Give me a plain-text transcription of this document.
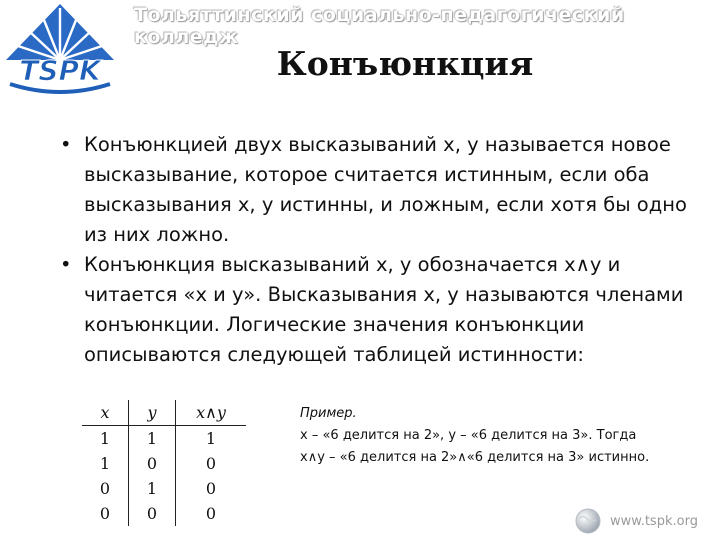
TSPK
Тольяттинский социально-педагогический колледж
Конъюнкция
• Конъюнкцией двух высказываний x, y называется новое высказывание, которое считается истинным, если оба высказывания x, y истинны, и ложным, если хотя бы одно из них ложно.
• Конъюнкция высказываний x, y обозначается x∧y и читается «x и y». Высказывания x, y называются членами конъюнкции. Логические значения конъюнкции описываются следующей таблицей истинности:
x	y	x∧y
1	1	1
1	0	0
0	1	0
0	0	0
Пример.
x – «6 делится на 2», y – «6 делится на 3». Тогда
x∧y – «6 делится на 2»∧«6 делится на 3» истинно.
www.tspk.org
